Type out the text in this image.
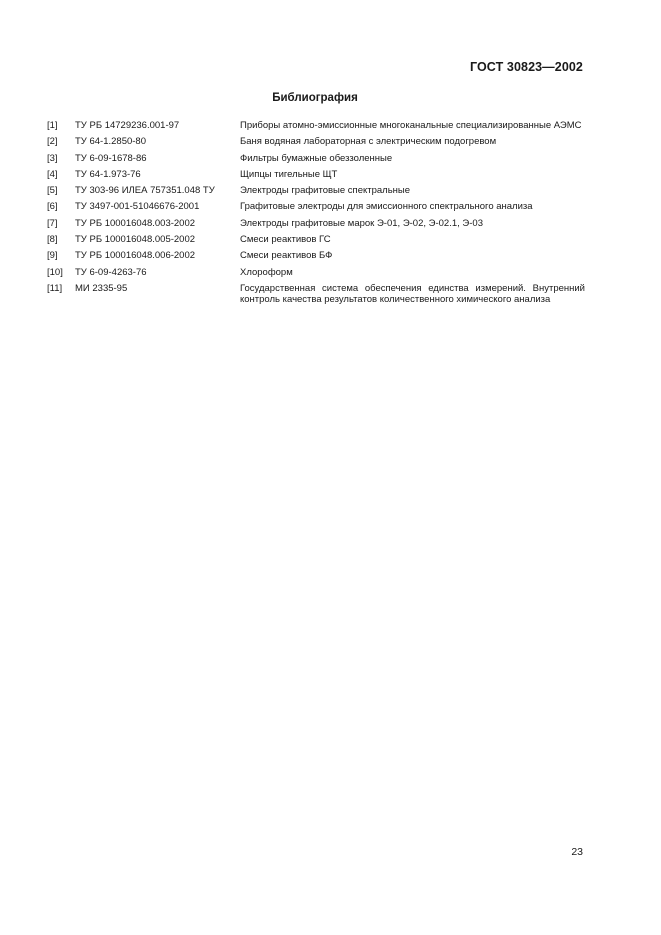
ГОСТ 30823—2002
Библиография
[1]	ТУ РБ 14729236.001-97	Приборы атомно-эмиссионные многоканальные специализированные АЭМС
[2]	ТУ 64-1.2850-80	Баня водяная лабораторная с электрическим подогревом
[3]	ТУ 6-09-1678-86	Фильтры бумажные обеззоленные
[4]	ТУ 64-1.973-76	Щипцы тигельные ЩТ
[5]	ТУ 303-96 ИЛЕА 757351.048 ТУ	Электроды графитовые спектральные
[6]	ТУ 3497-001-51046676-2001	Графитовые электроды для эмиссионного спектрального анализа
[7]	ТУ РБ 100016048.003-2002	Электроды графитовые марок Э-01, Э-02, Э-02.1, Э-03
[8]	ТУ РБ 100016048.005-2002	Смеси реактивов ГС
[9]	ТУ РБ 100016048.006-2002	Смеси реактивов БФ
[10]	ТУ 6-09-4263-76	Хлороформ
[11]	МИ 2335-95	Государственная система обеспечения единства измерений. Внутренний контроль качества результатов количественного химического анализа
23
